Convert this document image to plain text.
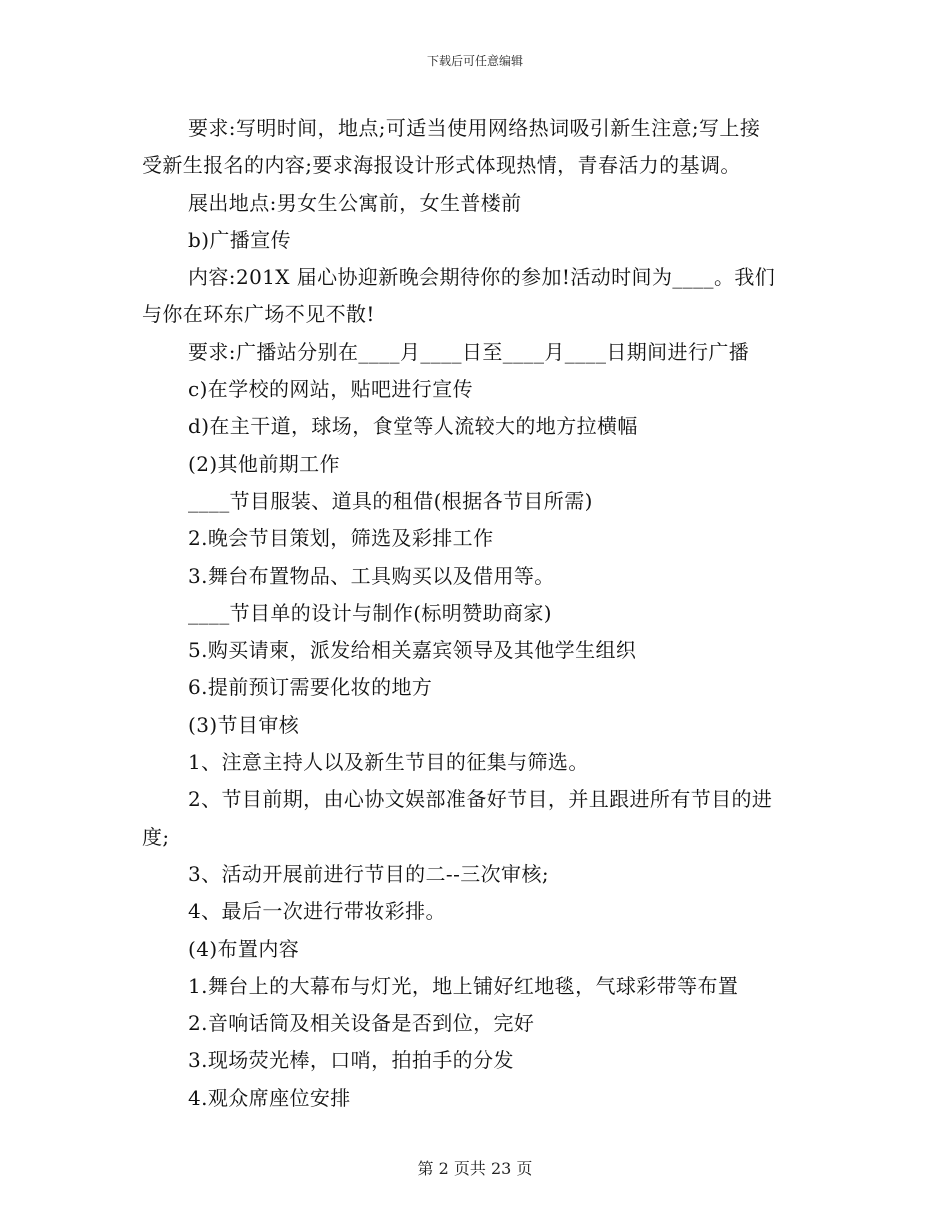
下载后可任意编辑
要求:写明时间，地点;可适当使用网络热词吸引新生注意;写上接
受新生报名的内容;要求海报设计形式体现热情，青春活力的基调。
展出地点:男女生公寓前，女生普楼前
b)广播宣传
内容:201X 届心协迎新晚会期待你的参加!活动时间为____。我们
与你在环东广场不见不散!
要求:广播站分别在____月____日至____月____日期间进行广播
c)在学校的网站，贴吧进行宣传
d)在主干道，球场，食堂等人流较大的地方拉横幅
(2)其他前期工作
____节目服装、道具的租借(根据各节目所需)
2.晚会节目策划，筛选及彩排工作
3.舞台布置物品、工具购买以及借用等。
____节目单的设计与制作(标明赞助商家)
5.购买请柬，派发给相关嘉宾领导及其他学生组织
6.提前预订需要化妆的地方
(3)节目审核
1、注意主持人以及新生节目的征集与筛选。
2、节目前期，由心协文娱部准备好节目，并且跟进所有节目的进
度;
3、活动开展前进行节目的二--三次审核;
4、最后一次进行带妆彩排。
(4)布置内容
1.舞台上的大幕布与灯光，地上铺好红地毯，气球彩带等布置
2.音响话筒及相关设备是否到位，完好
3.现场荧光棒，口哨，拍拍手的分发
4.观众席座位安排
第 2 页共 23 页
